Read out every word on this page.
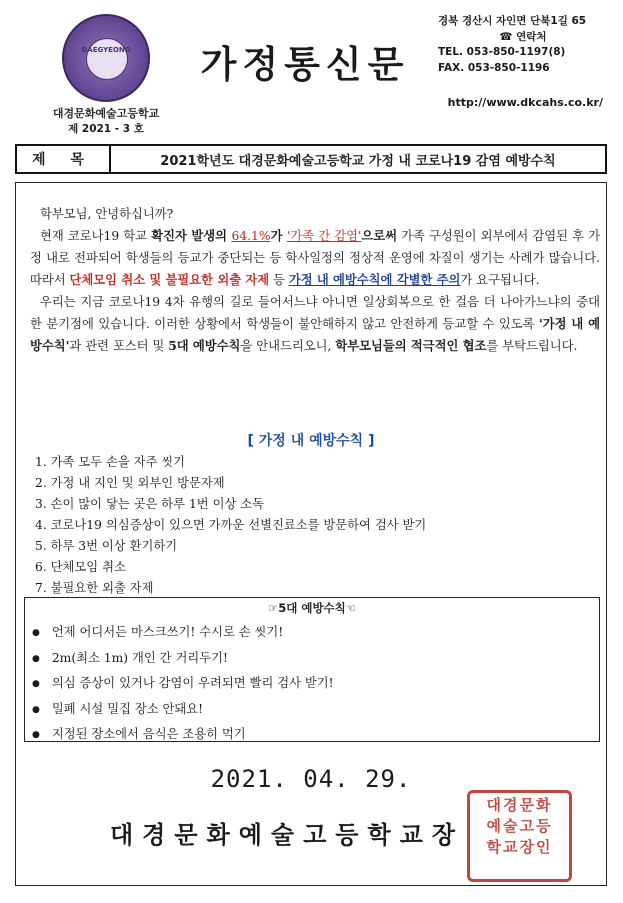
DAEGYEONG
대경문화예술고등학교
제 2021 - 3 호
가정통신문
경북 경산시 자인면 단북1길 65
☎ 연락처
TEL. 053-850-1197(8)
FAX. 053-850-1196
http://www.dkcahs.co.kr/
제 목	2021학년도 대경문화예술고등학교 가정 내 코로나19 감염 예방수칙
학부모님, 안녕하십니까?
현재 코로나19 학교 확진자 발생의 64.1%가 '가족 간 감염'으로써 가족 구성원이 외부에서 감염된 후 가정 내로 전파되어 학생들의 등교가 중단되는 등 학사일정의 정상적 운영에 차질이 생기는 사례가 많습니다. 따라서 단체모임 취소 및 불필요한 외출 자제 등 가정 내 예방수칙에 각별한 주의가 요구됩니다.
우리는 지금 코로나19 4차 유행의 길로 들어서느냐 아니면 일상회복으로 한 걸음 더 나아가느냐의 중대한 분기점에 있습니다. 이러한 상황에서 학생들이 불안해하지 않고 안전하게 등교할 수 있도록 '가정 내 예방수칙'과 관련 포스터 및 5대 예방수칙을 안내드리오니, 학부모님들의 적극적인 협조를 부탁드립니다.
[ 가정 내 예방수칙 ]
1. 가족 모두 손을 자주 씻기
2. 가정 내 지인 및 외부인 방문자제
3. 손이 많이 닿는 곳은 하루 1번 이상 소독
4. 코로나19 의심증상이 있으면 가까운 선별진료소를 방문하여 검사 받기
5. 하루 3번 이상 환기하기
6. 단체모임 취소
7. 불필요한 외출 자제
☞5대 예방수칙☜
● 언제 어디서든 마스크쓰기! 수시로 손 씻기!
● 2m(최소 1m) 개인 간 거리두기!
● 의심 증상이 있거나 감염이 우려되면 빨리 검사 받기!
● 밀폐 시설 밀집 장소 안돼요!
● 지정된 장소에서 음식은 조용히 먹기
2021. 04. 29.
대경문화
예술고등
학교장인
대경문화예술고등학교장
